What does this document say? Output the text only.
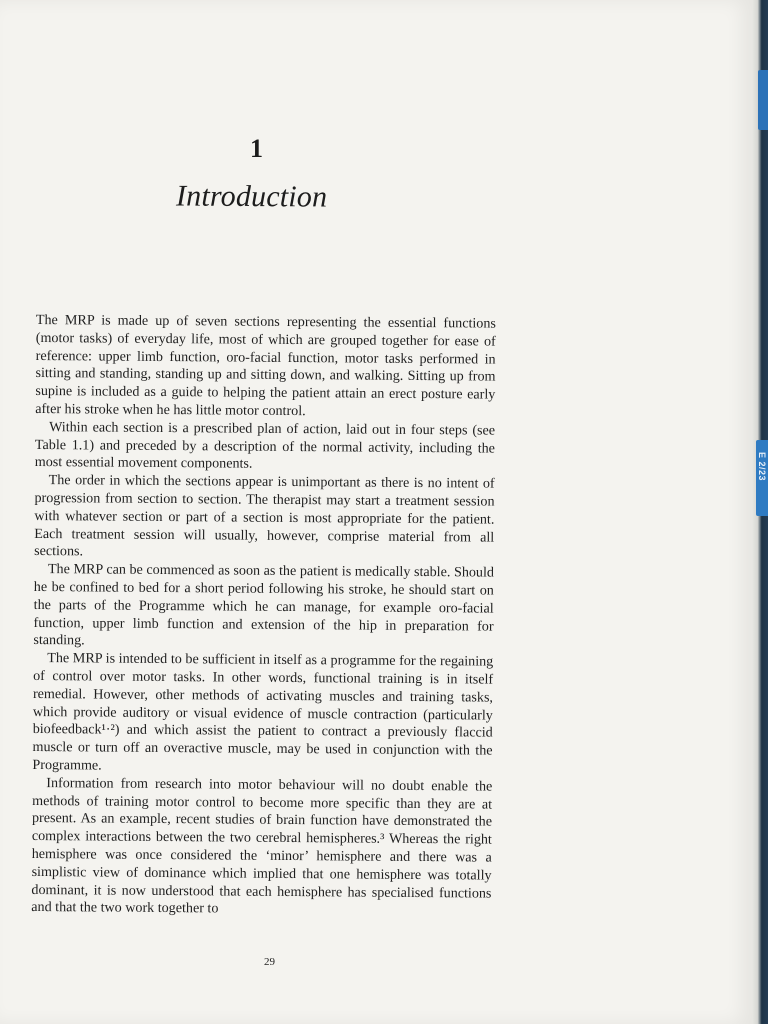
1
Introduction

The MRP is made up of seven sections representing the essential functions (motor tasks) of everyday life, most of which are grouped together for ease of reference: upper limb function, oro-facial function, motor tasks performed in sitting and standing, standing up and sitting down, and walking. Sitting up from supine is included as a guide to helping the patient attain an erect posture early after his stroke when he has little motor control.

Within each section is a prescribed plan of action, laid out in four steps (see Table 1.1) and preceded by a description of the normal activity, including the most essential movement components.

The order in which the sections appear is unimportant as there is no intent of progression from section to section. The therapist may start a treatment session with whatever section or part of a section is most appropriate for the patient. Each treatment session will usually, however, comprise material from all sections.

The MRP can be commenced as soon as the patient is medically stable. Should he be confined to bed for a short period following his stroke, he should start on the parts of the Programme which he can manage, for example oro-facial function, upper limb function and extension of the hip in preparation for standing.

The MRP is intended to be sufficient in itself as a programme for the regaining of control over motor tasks. In other words, functional training is in itself remedial. However, other methods of activating muscles and training tasks, which provide auditory or visual evidence of muscle contraction (particularly biofeedback¹·²) and which assist the patient to contract a previously flaccid muscle or turn off an overactive muscle, may be used in conjunction with the Programme.

Information from research into motor behaviour will no doubt enable the methods of training motor control to become more specific than they are at present. As an example, recent studies of brain function have demonstrated the complex interactions between the two cerebral hemispheres.³ Whereas the right hemisphere was once considered the ‘minor’ hemisphere and there was a simplistic view of dominance which implied that one hemisphere was totally dominant, it is now understood that each hemisphere has specialised functions and that the two work together to

29
E 2/23
